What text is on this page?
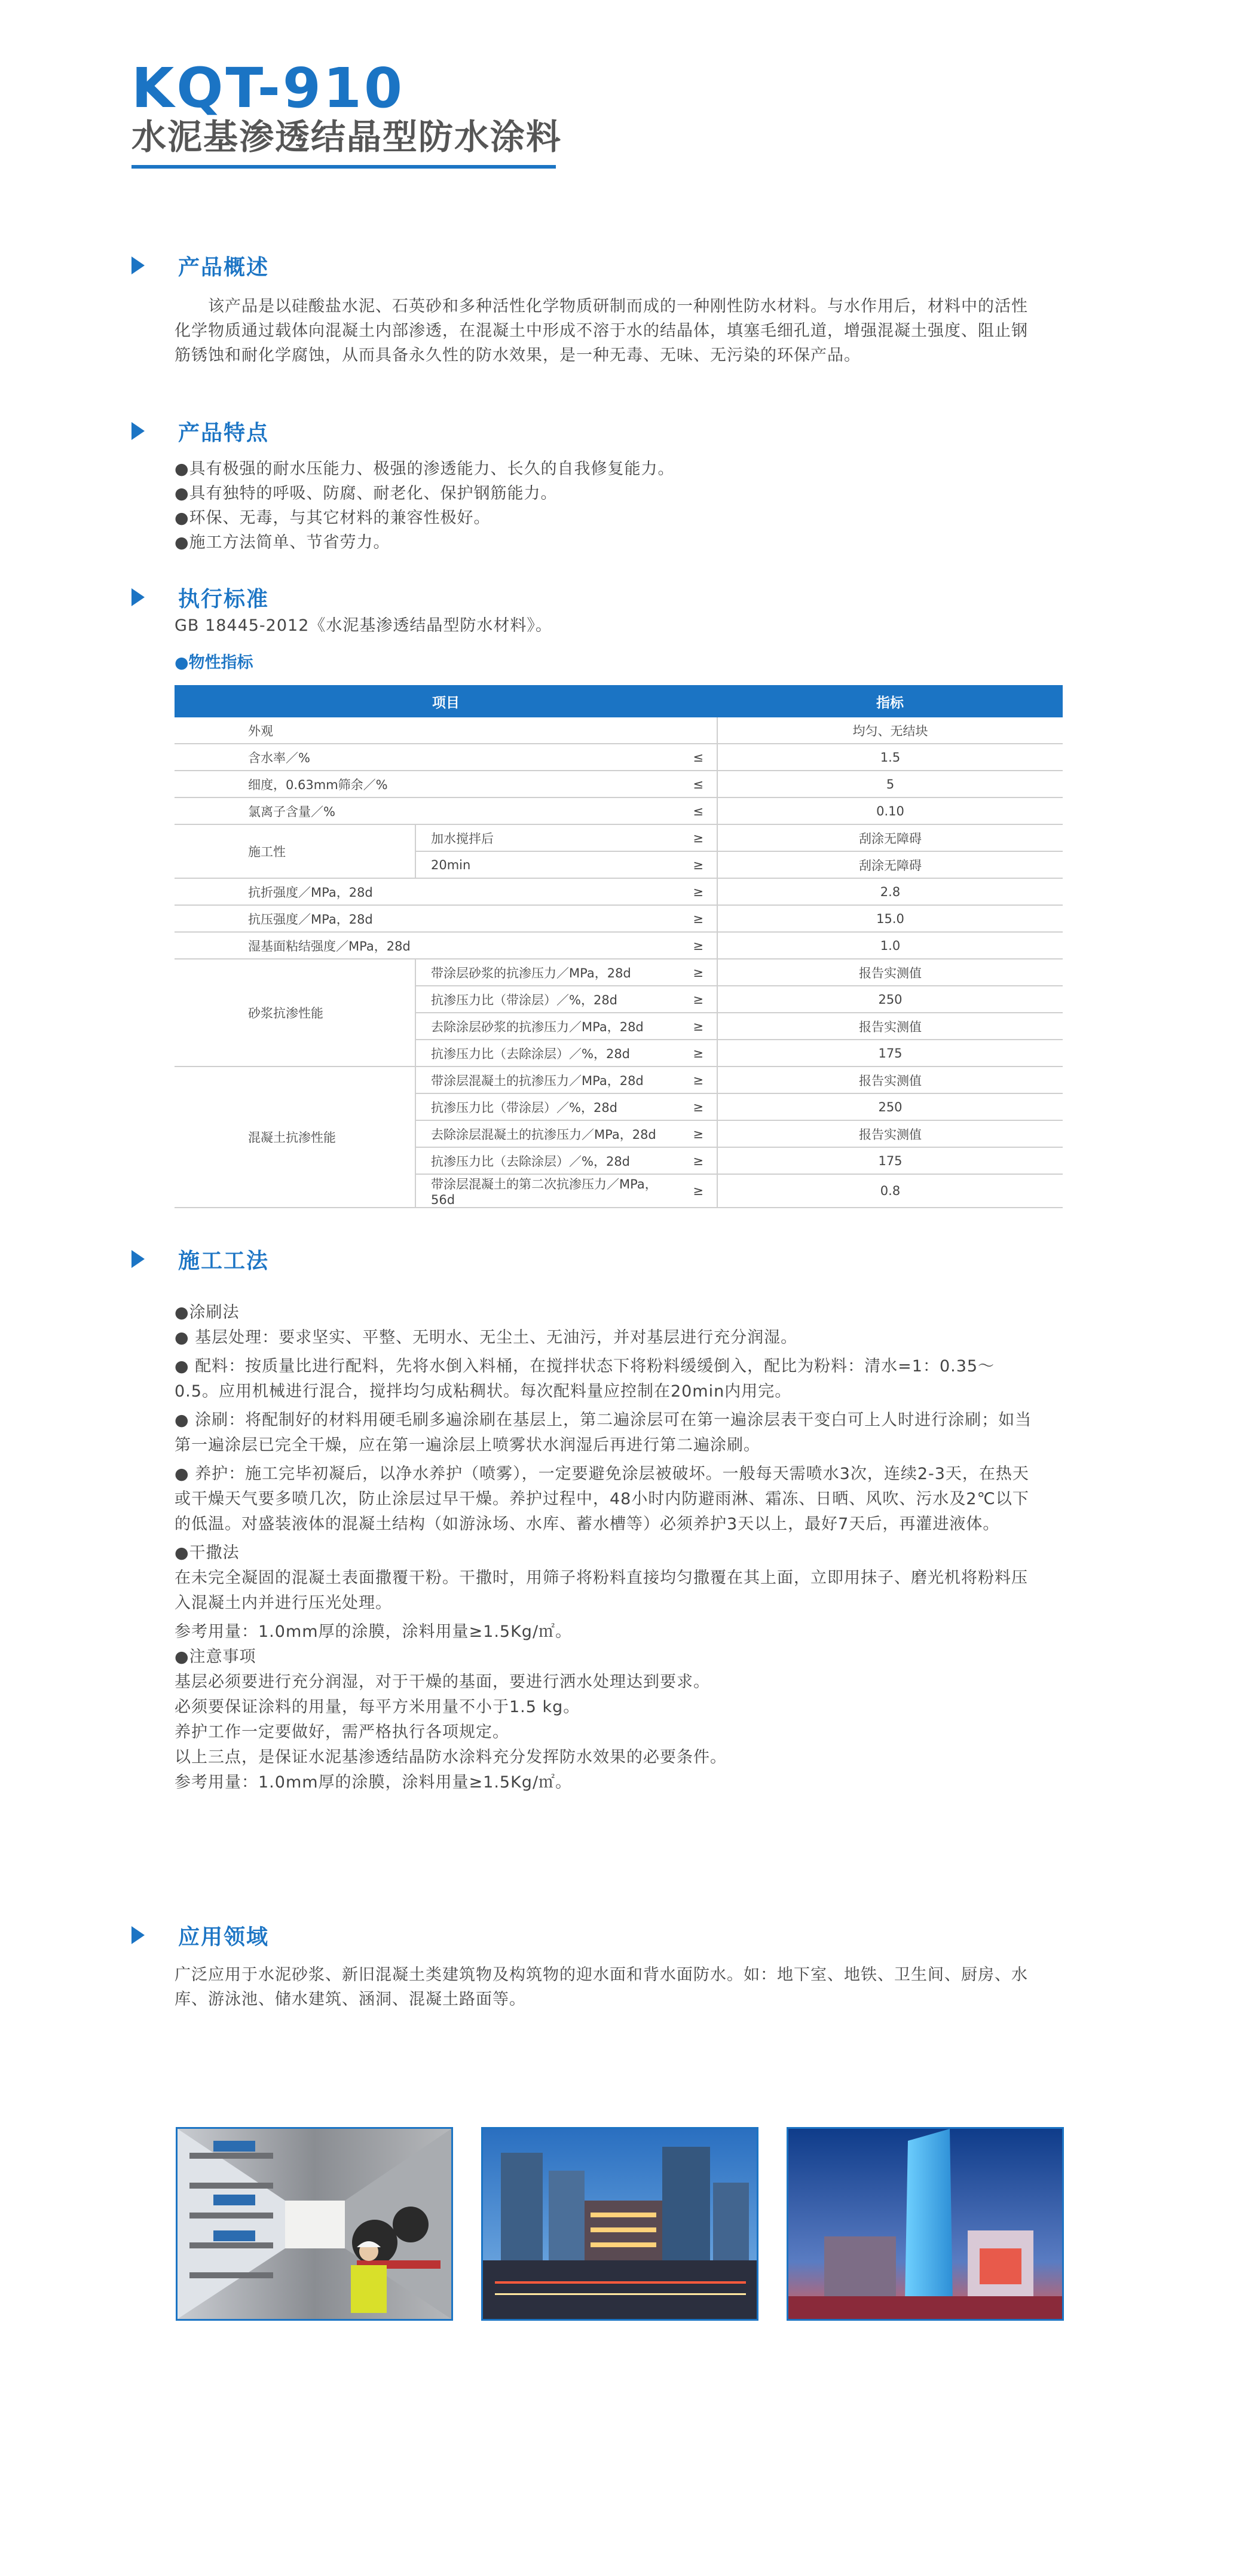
KQT-910
水泥基渗透结晶型防水涂料
产品概述

该产品是以硅酸盐水泥、石英砂和多种活性化学物质研制而成的一种刚性防水材料。与水作用后，材料中的活性化学物质通过载体向混凝土内部渗透，在混凝土中形成不溶于水的结晶体，填塞毛细孔道，增强混凝土强度、阻止钢筋锈蚀和耐化学腐蚀，从而具备永久性的防水效果，是一种无毒、无味、无污染的环保产品。

产品特点

●具有极强的耐水压能力、极强的渗透能力、长久的自我修复能力。

●具有独特的呼吸、防腐、耐老化、保护钢筋能力。

●环保、无毒，与其它材料的兼容性极好。

●施工方法简单、节省劳力。

执行标准
GB 18445-2012《水泥基渗透结晶型防水材料》。
●物性指标
项目			指标
外观			均匀、无结块
含水率／%		≤	1.5
细度，0.63mm筛余／%		≤	5
氯离子含量／%		≤	0.10
施工性	加水搅拌后	≥	刮涂无障碍
	20min	≥	刮涂无障碍
抗折强度／MPa，28d		≥	2.8
抗压强度／MPa，28d		≥	15.0
湿基面粘结强度／MPa，28d		≥	1.0
砂浆抗渗性能	带涂层砂浆的抗渗压力／MPa，28d	≥	报告实测值
	抗渗压力比（带涂层）／%，28d	≥	250
	去除涂层砂浆的抗渗压力／MPa，28d	≥	报告实测值
	抗渗压力比（去除涂层）／%，28d	≥	175
混凝土抗渗性能	带涂层混凝土的抗渗压力／MPa，28d	≥	报告实测值
	抗渗压力比（带涂层）／%，28d	≥	250
	去除涂层混凝土的抗渗压力／MPa，28d	≥	报告实测值
	抗渗压力比（去除涂层）／%，28d	≥	175
	带涂层混凝土的第二次抗渗压力／MPa，56d	≥	0.8
施工工法

●涂刷法

● 基层处理：要求坚实、平整、无明水、无尘土、无油污，并对基层进行充分润湿。

● 配料：按质量比进行配料，先将水倒入料桶，在搅拌状态下将粉料缓缓倒入，配比为粉料：清水=1：0.35～0.5。应用机械进行混合，搅拌均匀成粘稠状。每次配料量应控制在20min内用完。

● 涂刷：将配制好的材料用硬毛刷多遍涂刷在基层上，第二遍涂层可在第一遍涂层表干变白可上人时进行涂刷；如当第一遍涂层已完全干燥，应在第一遍涂层上喷雾状水润湿后再进行第二遍涂刷。

● 养护：施工完毕初凝后，以净水养护（喷雾），一定要避免涂层被破坏。一般每天需喷水3次，连续2-3天，在热天或干燥天气要多喷几次，防止涂层过早干燥。养护过程中，48小时内防避雨淋、霜冻、日晒、风吹、污水及2℃以下的低温。对盛装液体的混凝土结构（如游泳场、水库、蓄水槽等）必须养护3天以上，最好7天后，再灌进液体。

●干撒法

在未完全凝固的混凝土表面撒覆干粉。干撒时，用筛子将粉料直接均匀撒覆在其上面，立即用抹子、磨光机将粉料压入混凝土内并进行压光处理。

参考用量：1.0mm厚的涂膜，涂料用量≥1.5Kg/㎡。

●注意事项

基层必须要进行充分润湿，对于干燥的基面，要进行洒水处理达到要求。

必须要保证涂料的用量，每平方米用量不小于1.5 kg。

养护工作一定要做好，需严格执行各项规定。

以上三点，是保证水泥基渗透结晶防水涂料充分发挥防水效果的必要条件。

参考用量：1.0mm厚的涂膜，涂料用量≥1.5Kg/㎡。

应用领域
广泛应用于水泥砂浆、新旧混凝土类建筑物及构筑物的迎水面和背水面防水。如：地下室、地铁、卫生间、厨房、水库、游泳池、储水建筑、涵洞、混凝土路面等。
